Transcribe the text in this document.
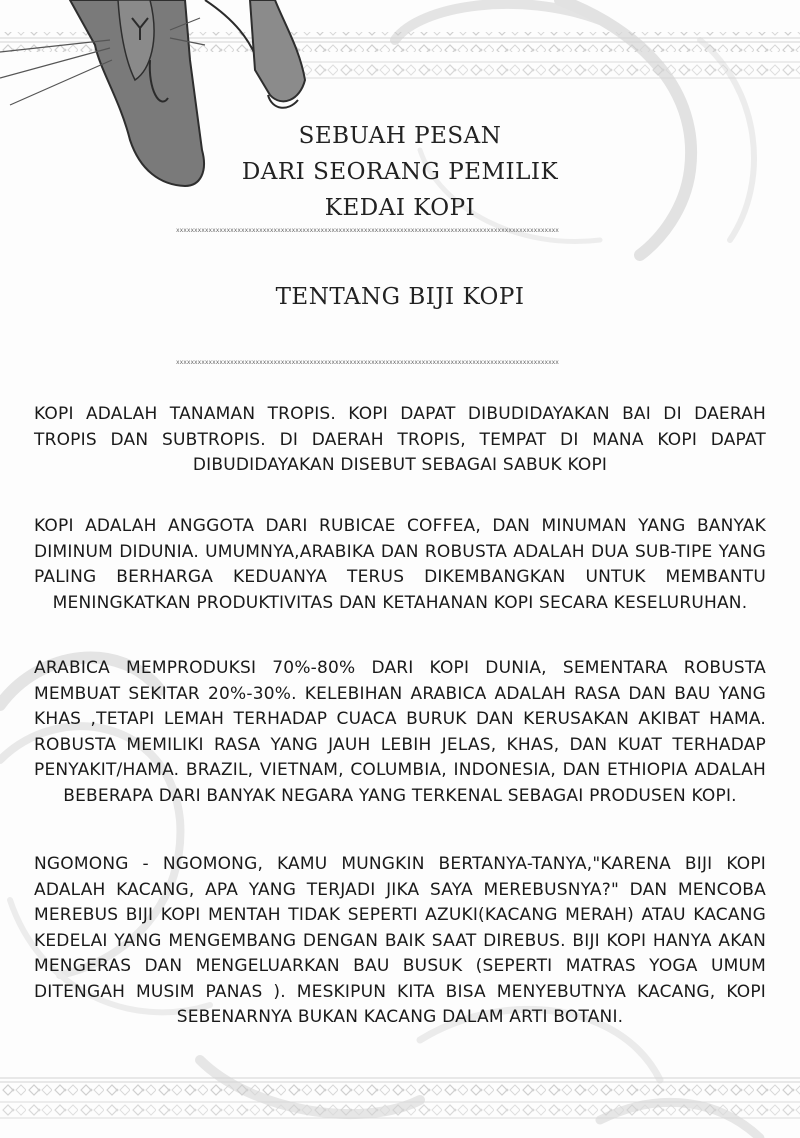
SEBUAH PESAN
DARI SEORANG PEMILIK
KEDAI KOPI
xxxxxxxxxxxxxxxxxxxxxxxxxxxxxxxxxxxxxxxxxxxxxxxxxxxxxxxxxxxxxxxxxxxxxxxxxxxxxxxxxxxxxxxxxxxxxxxxxxxxxxxxxx
TENTANG BIJI KOPI
xxxxxxxxxxxxxxxxxxxxxxxxxxxxxxxxxxxxxxxxxxxxxxxxxxxxxxxxxxxxxxxxxxxxxxxxxxxxxxxxxxxxxxxxxxxxxxxxxxxxxxxxxx

KOPI ADALAH TANAMAN TROPIS. KOPI DAPAT DIBUDIDAYAKAN BAI DI DAERAH TROPIS DAN SUBTROPIS. DI DAERAH TROPIS, TEMPAT DI MANA KOPI DAPAT DIBUDIDAYAKAN DISEBUT SEBAGAI SABUK KOPI

KOPI ADALAH ANGGOTA DARI RUBICAE COFFEA, DAN MINUMAN YANG BANYAK DIMINUM DIDUNIA. UMUMNYA,ARABIKA DAN ROBUSTA ADALAH DUA SUB-TIPE YANG PALING BERHARGA KEDUANYA TERUS DIKEMBANGKAN UNTUK MEMBANTU MENINGKATKAN PRODUKTIVITAS DAN KETAHANAN KOPI SECARA KESELURUHAN.

ARABICA MEMPRODUKSI 70%-80% DARI KOPI DUNIA, SEMENTARA ROBUSTA MEMBUAT SEKITAR 20%-30%. KELEBIHAN ARABICA ADALAH RASA DAN BAU YANG KHAS ,TETAPI LEMAH TERHADAP CUACA BURUK DAN KERUSAKAN AKIBAT HAMA. ROBUSTA MEMILIKI RASA YANG JAUH LEBIH JELAS, KHAS, DAN KUAT TERHADAP PENYAKIT/HAMA. BRAZIL, VIETNAM, COLUMBIA, INDONESIA, DAN ETHIOPIA ADALAH BEBERAPA DARI BANYAK NEGARA YANG TERKENAL SEBAGAI PRODUSEN KOPI.

NGOMONG - NGOMONG, KAMU MUNGKIN BERTANYA-TANYA,"KARENA BIJI KOPI ADALAH KACANG, APA YANG TERJADI JIKA SAYA MEREBUSNYA?" DAN MENCOBA MEREBUS BIJI KOPI MENTAH TIDAK SEPERTI AZUKI(KACANG MERAH) ATAU KACANG KEDELAI YANG MENGEMBANG DENGAN BAIK SAAT DIREBUS. BIJI KOPI HANYA AKAN MENGERAS DAN MENGELUARKAN BAU BUSUK (SEPERTI MATRAS YOGA UMUM DITENGAH MUSIM PANAS ). MESKIPUN KITA BISA MENYEBUTNYA KACANG, KOPI SEBENARNYA BUKAN KACANG DALAM ARTI BOTANI.
